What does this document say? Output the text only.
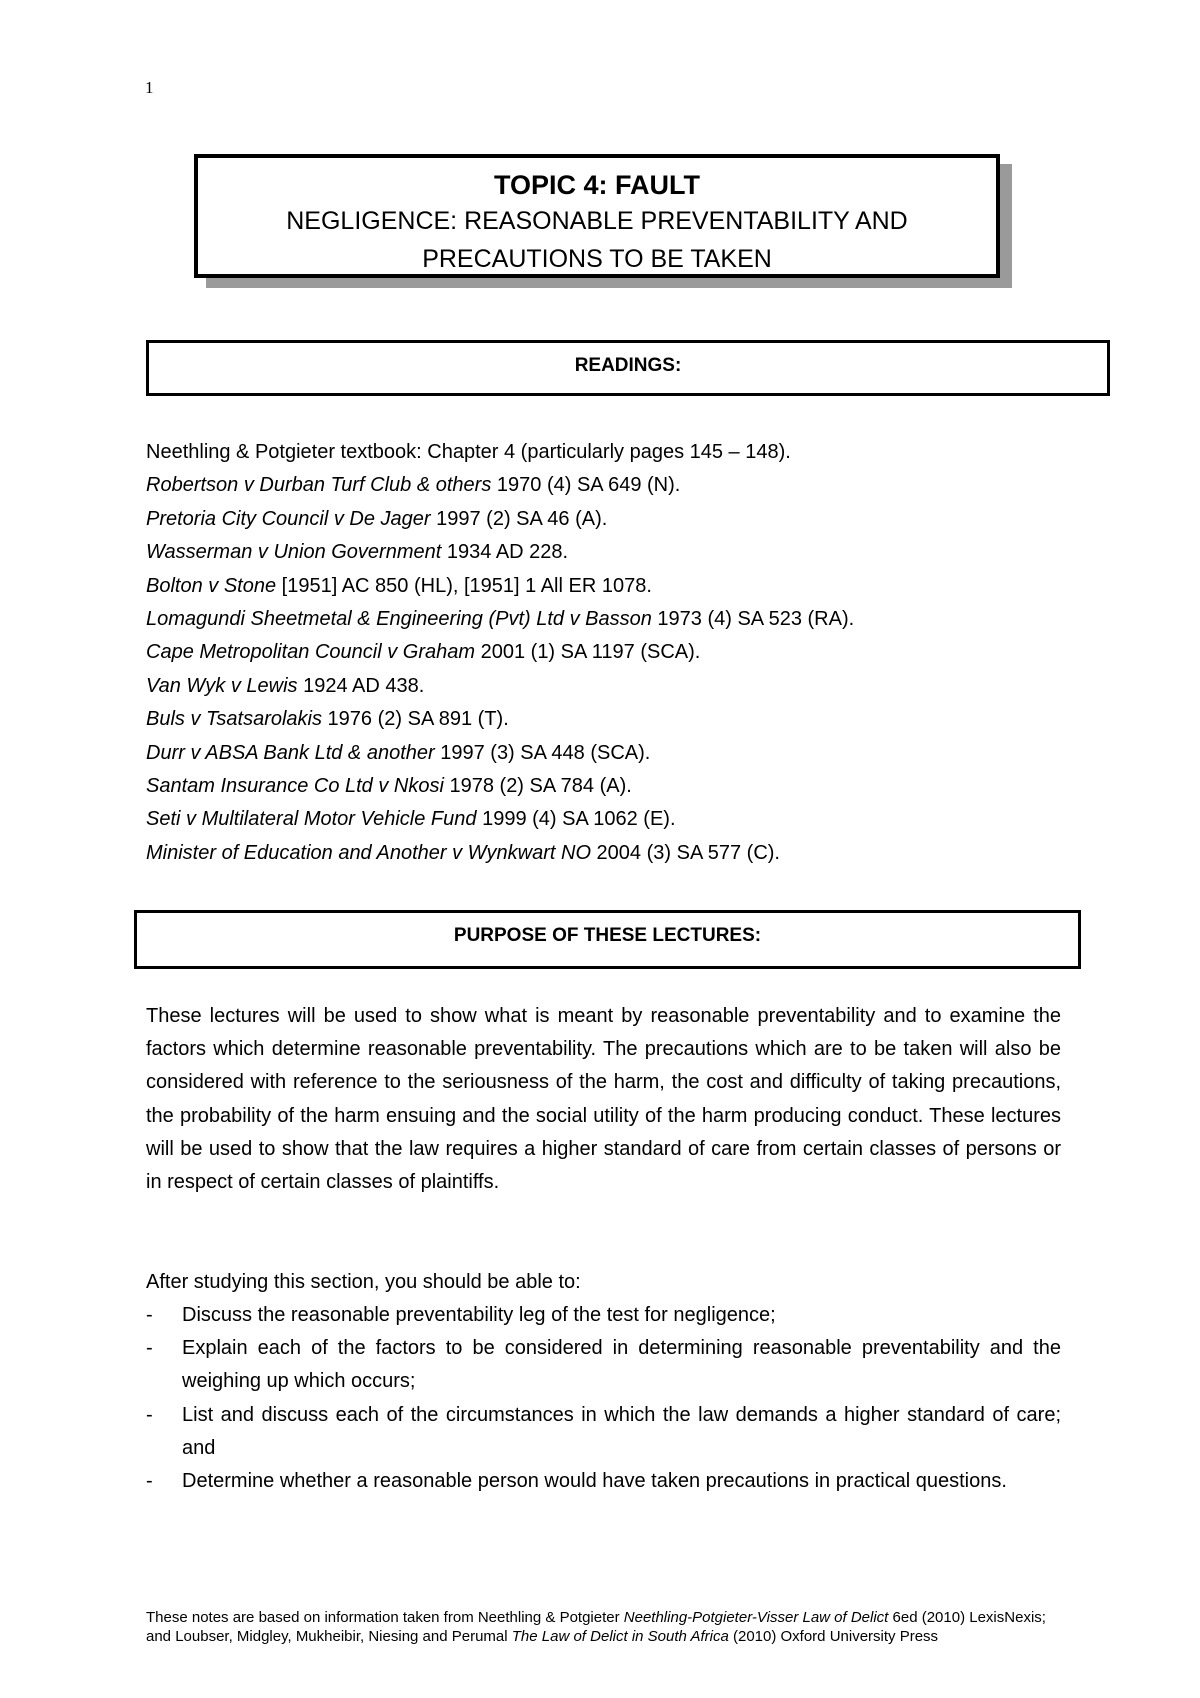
1
TOPIC 4: FAULT
NEGLIGENCE: REASONABLE PREVENTABILITY AND
PRECAUTIONS TO BE TAKEN
READINGS:
Neethling & Potgieter textbook: Chapter 4 (particularly pages 145 – 148).
Robertson v Durban Turf Club & others 1970 (4) SA 649 (N).
Pretoria City Council v De Jager 1997 (2) SA 46 (A).
Wasserman v Union Government 1934 AD 228.
Bolton v Stone [1951] AC 850 (HL), [1951] 1 All ER 1078.
Lomagundi Sheetmetal & Engineering (Pvt) Ltd v Basson 1973 (4) SA 523 (RA).
Cape Metropolitan Council v Graham 2001 (1) SA 1197 (SCA).
Van Wyk v Lewis 1924 AD 438.
Buls v Tsatsarolakis 1976 (2) SA 891 (T).
Durr v ABSA Bank Ltd & another 1997 (3) SA 448 (SCA).
Santam Insurance Co Ltd v Nkosi 1978 (2) SA 784 (A).
Seti v Multilateral Motor Vehicle Fund 1999 (4) SA 1062 (E).
Minister of Education and Another v Wynkwart NO 2004 (3) SA 577 (C).
PURPOSE OF THESE LECTURES:

These lectures will be used to show what is meant by reasonable preventability and to examine the factors which determine reasonable preventability. The precautions which are to be taken will also be considered with reference to the seriousness of the harm, the cost and difficulty of taking precautions, the probability of the harm ensuing and the social utility of the harm producing conduct. These lectures will be used to show that the law requires a higher standard of care from certain classes of persons or in respect of certain classes of plaintiffs.

After studying this section, you should be able to:

- Discuss the reasonable preventability leg of the test for negligence;
- Explain each of the factors to be considered in determining reasonable preventability and the weighing up which occurs;
- List and discuss each of the circumstances in which the law demands a higher standard of care; and
- Determine whether a reasonable person would have taken precautions in practical questions.

These notes are based on information taken from Neethling & Potgieter Neethling-Potgieter-Visser Law of Delict 6ed (2010) LexisNexis; and Loubser, Midgley, Mukheibir, Niesing and Perumal The Law of Delict in South Africa (2010) Oxford University Press
